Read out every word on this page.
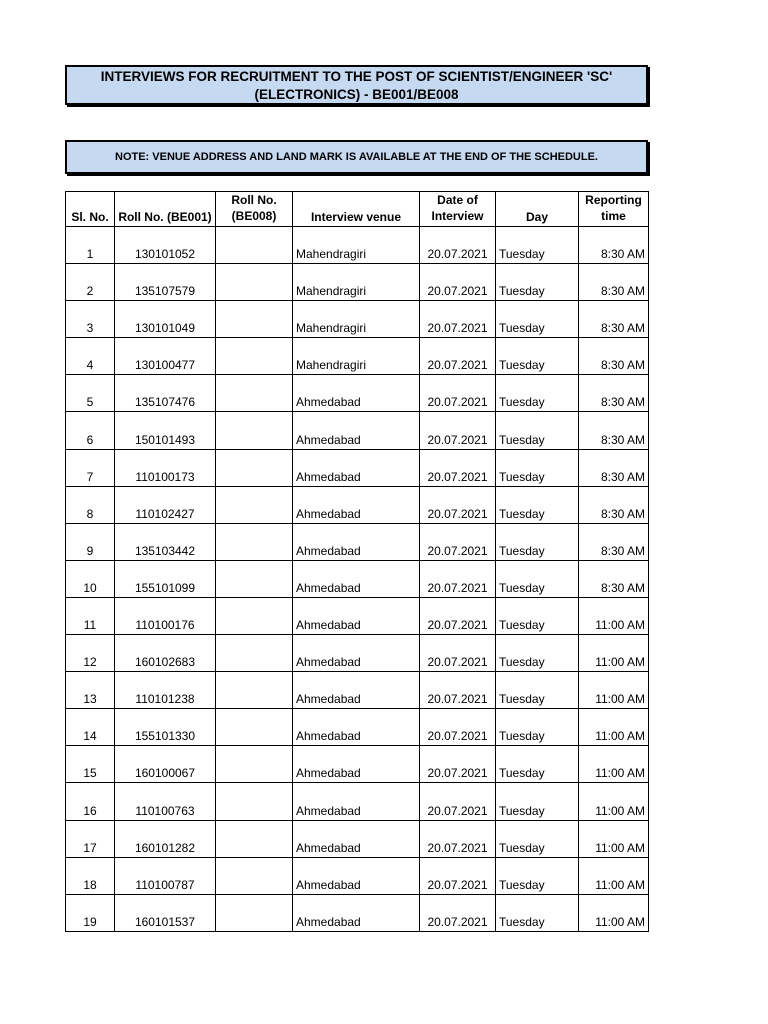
INTERVIEWS FOR RECRUITMENT TO THE POST OF SCIENTIST/ENGINEER 'SC'
(ELECTRONICS) - BE001/BE008
NOTE: VENUE ADDRESS AND LAND MARK IS AVAILABLE AT THE END OF THE SCHEDULE.
Sl. No.	Roll No. (BE001)	Roll No. (BE008)	Interview venue	Date of Interview	Day	Reporting time
1	130101052		Mahendragiri	20.07.2021	Tuesday	8:30 AM
2	135107579		Mahendragiri	20.07.2021	Tuesday	8:30 AM
3	130101049		Mahendragiri	20.07.2021	Tuesday	8:30 AM
4	130100477		Mahendragiri	20.07.2021	Tuesday	8:30 AM
5	135107476		Ahmedabad	20.07.2021	Tuesday	8:30 AM
6	150101493		Ahmedabad	20.07.2021	Tuesday	8:30 AM
7	110100173		Ahmedabad	20.07.2021	Tuesday	8:30 AM
8	110102427		Ahmedabad	20.07.2021	Tuesday	8:30 AM
9	135103442		Ahmedabad	20.07.2021	Tuesday	8:30 AM
10	155101099		Ahmedabad	20.07.2021	Tuesday	8:30 AM
11	110100176		Ahmedabad	20.07.2021	Tuesday	11:00 AM
12	160102683		Ahmedabad	20.07.2021	Tuesday	11:00 AM
13	110101238		Ahmedabad	20.07.2021	Tuesday	11:00 AM
14	155101330		Ahmedabad	20.07.2021	Tuesday	11:00 AM
15	160100067		Ahmedabad	20.07.2021	Tuesday	11:00 AM
16	110100763		Ahmedabad	20.07.2021	Tuesday	11:00 AM
17	160101282		Ahmedabad	20.07.2021	Tuesday	11:00 AM
18	110100787		Ahmedabad	20.07.2021	Tuesday	11:00 AM
19	160101537		Ahmedabad	20.07.2021	Tuesday	11:00 AM
